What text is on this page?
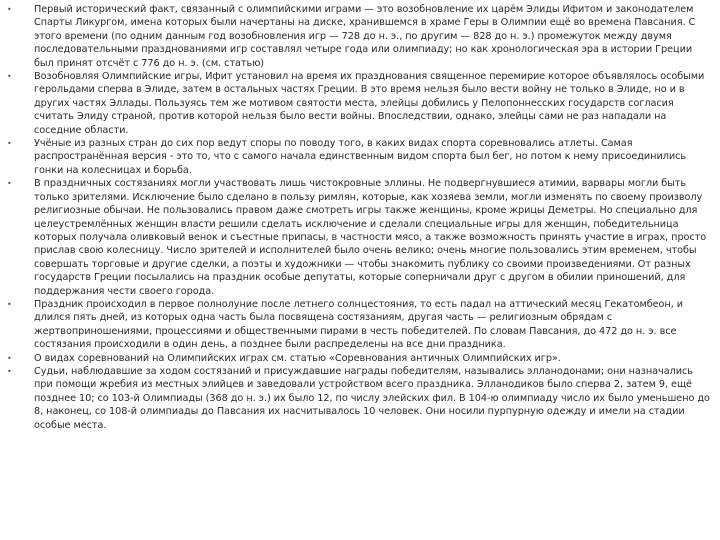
• Первый исторический факт, связанный с олимпийскими играми — это возобновление их царём Элиды Ифитом и законодателем Спарты Ликургом, имена которых были начертаны на диске, хранившемся в храме Геры в Олимпии ещё во времена Павсания. С этого времени (по одним данным год возобновления игр — 728 до н. э., по другим — 828 до н. э.) промежуток между двумя последовательными празднованиями игр составлял четыре года или олимпиаду; но как хронологическая эра в истории Греции был принят отсчёт с 776 до н. э. (см. статью)
• Возобновляя Олимпийские игры, Ифит установил на время их празднования священное перемирие которое объявлялось особыми герольдами сперва в Элиде, затем в остальных частях Греции. В это время нельзя было вести войну не только в Элиде, но и в других частях Эллады. Пользуясь тем же мотивом святости места, элейцы добились у Пелопоннесских государств согласия считать Элиду страной, против которой нельзя было вести войны. Впоследствии, однако, элейцы сами не раз нападали на соседние области.
• Учёные из разных стран до сих пор ведут споры по поводу того, в каких видах спорта соревновались атлеты. Самая распространённая версия - это то, что с самого начала единственным видом спорта был бег, но потом к нему присоединились гонки на колесницах и борьба.
• В праздничных состязаниях могли участвовать лишь чистокровные эллины. Не подвергнувшиеся атимии, варвары могли быть только зрителями. Исключение было сделано в пользу римлян, которые, как хозяева земли, могли изменять по своему произволу религиозные обычаи. Не пользовались правом даже смотреть игры также женщины, кроме жрицы Деметры. Но специально для целеустремлённых женщин власти решили сделать исключение и сделали специальные игры для женщин, победительница которых получала оливковый венок и съестные припасы, в частности мясо, а также возможность принять участие в играх, просто прислав свою колесницу. Число зрителей и исполнителей было очень велико; очень многие пользовались этим временем, чтобы совершать торговые и другие сделки, а поэты и художники — чтобы знакомить публику со своими произведениями. От разных государств Греции посылались на праздник особые депутаты, которые соперничали друг с другом в обилии приношений, для поддержания чести своего города.
• Праздник происходил в первое полнолуние после летнего солнцестояния, то есть падал на аттический месяц Гекатомбеон, и длился пять дней, из которых одна часть была посвящена состязаниям, другая часть — религиозным обрядам с жертвоприношениями, процессиями и общественными пирами в честь победителей. По словам Павсания, до 472 до н. э. все состязания происходили в один день, а позднее были распределены на все дни праздника.
• О видах соревнований на Олимпийских играх см. статью «Соревнования античных Олимпийских игр».
• Судьи, наблюдавшие за ходом состязаний и присуждавшие награды победителям, назывались элланодонами; они назначались при помощи жребия из местных элийцев и заведовали устройством всего праздника. Элланодиков было сперва 2, затем 9, ещё позднее 10; со 103-й Олимпиады (368 до н. э.) их было 12, по числу элейских фил. В 104-ю олимпиаду число их было уменьшено до 8, наконец, со 108-й олимпиады до Павсания их насчитывалось 10 человек. Они носили пурпурную одежду и имели на стадии особые места.
